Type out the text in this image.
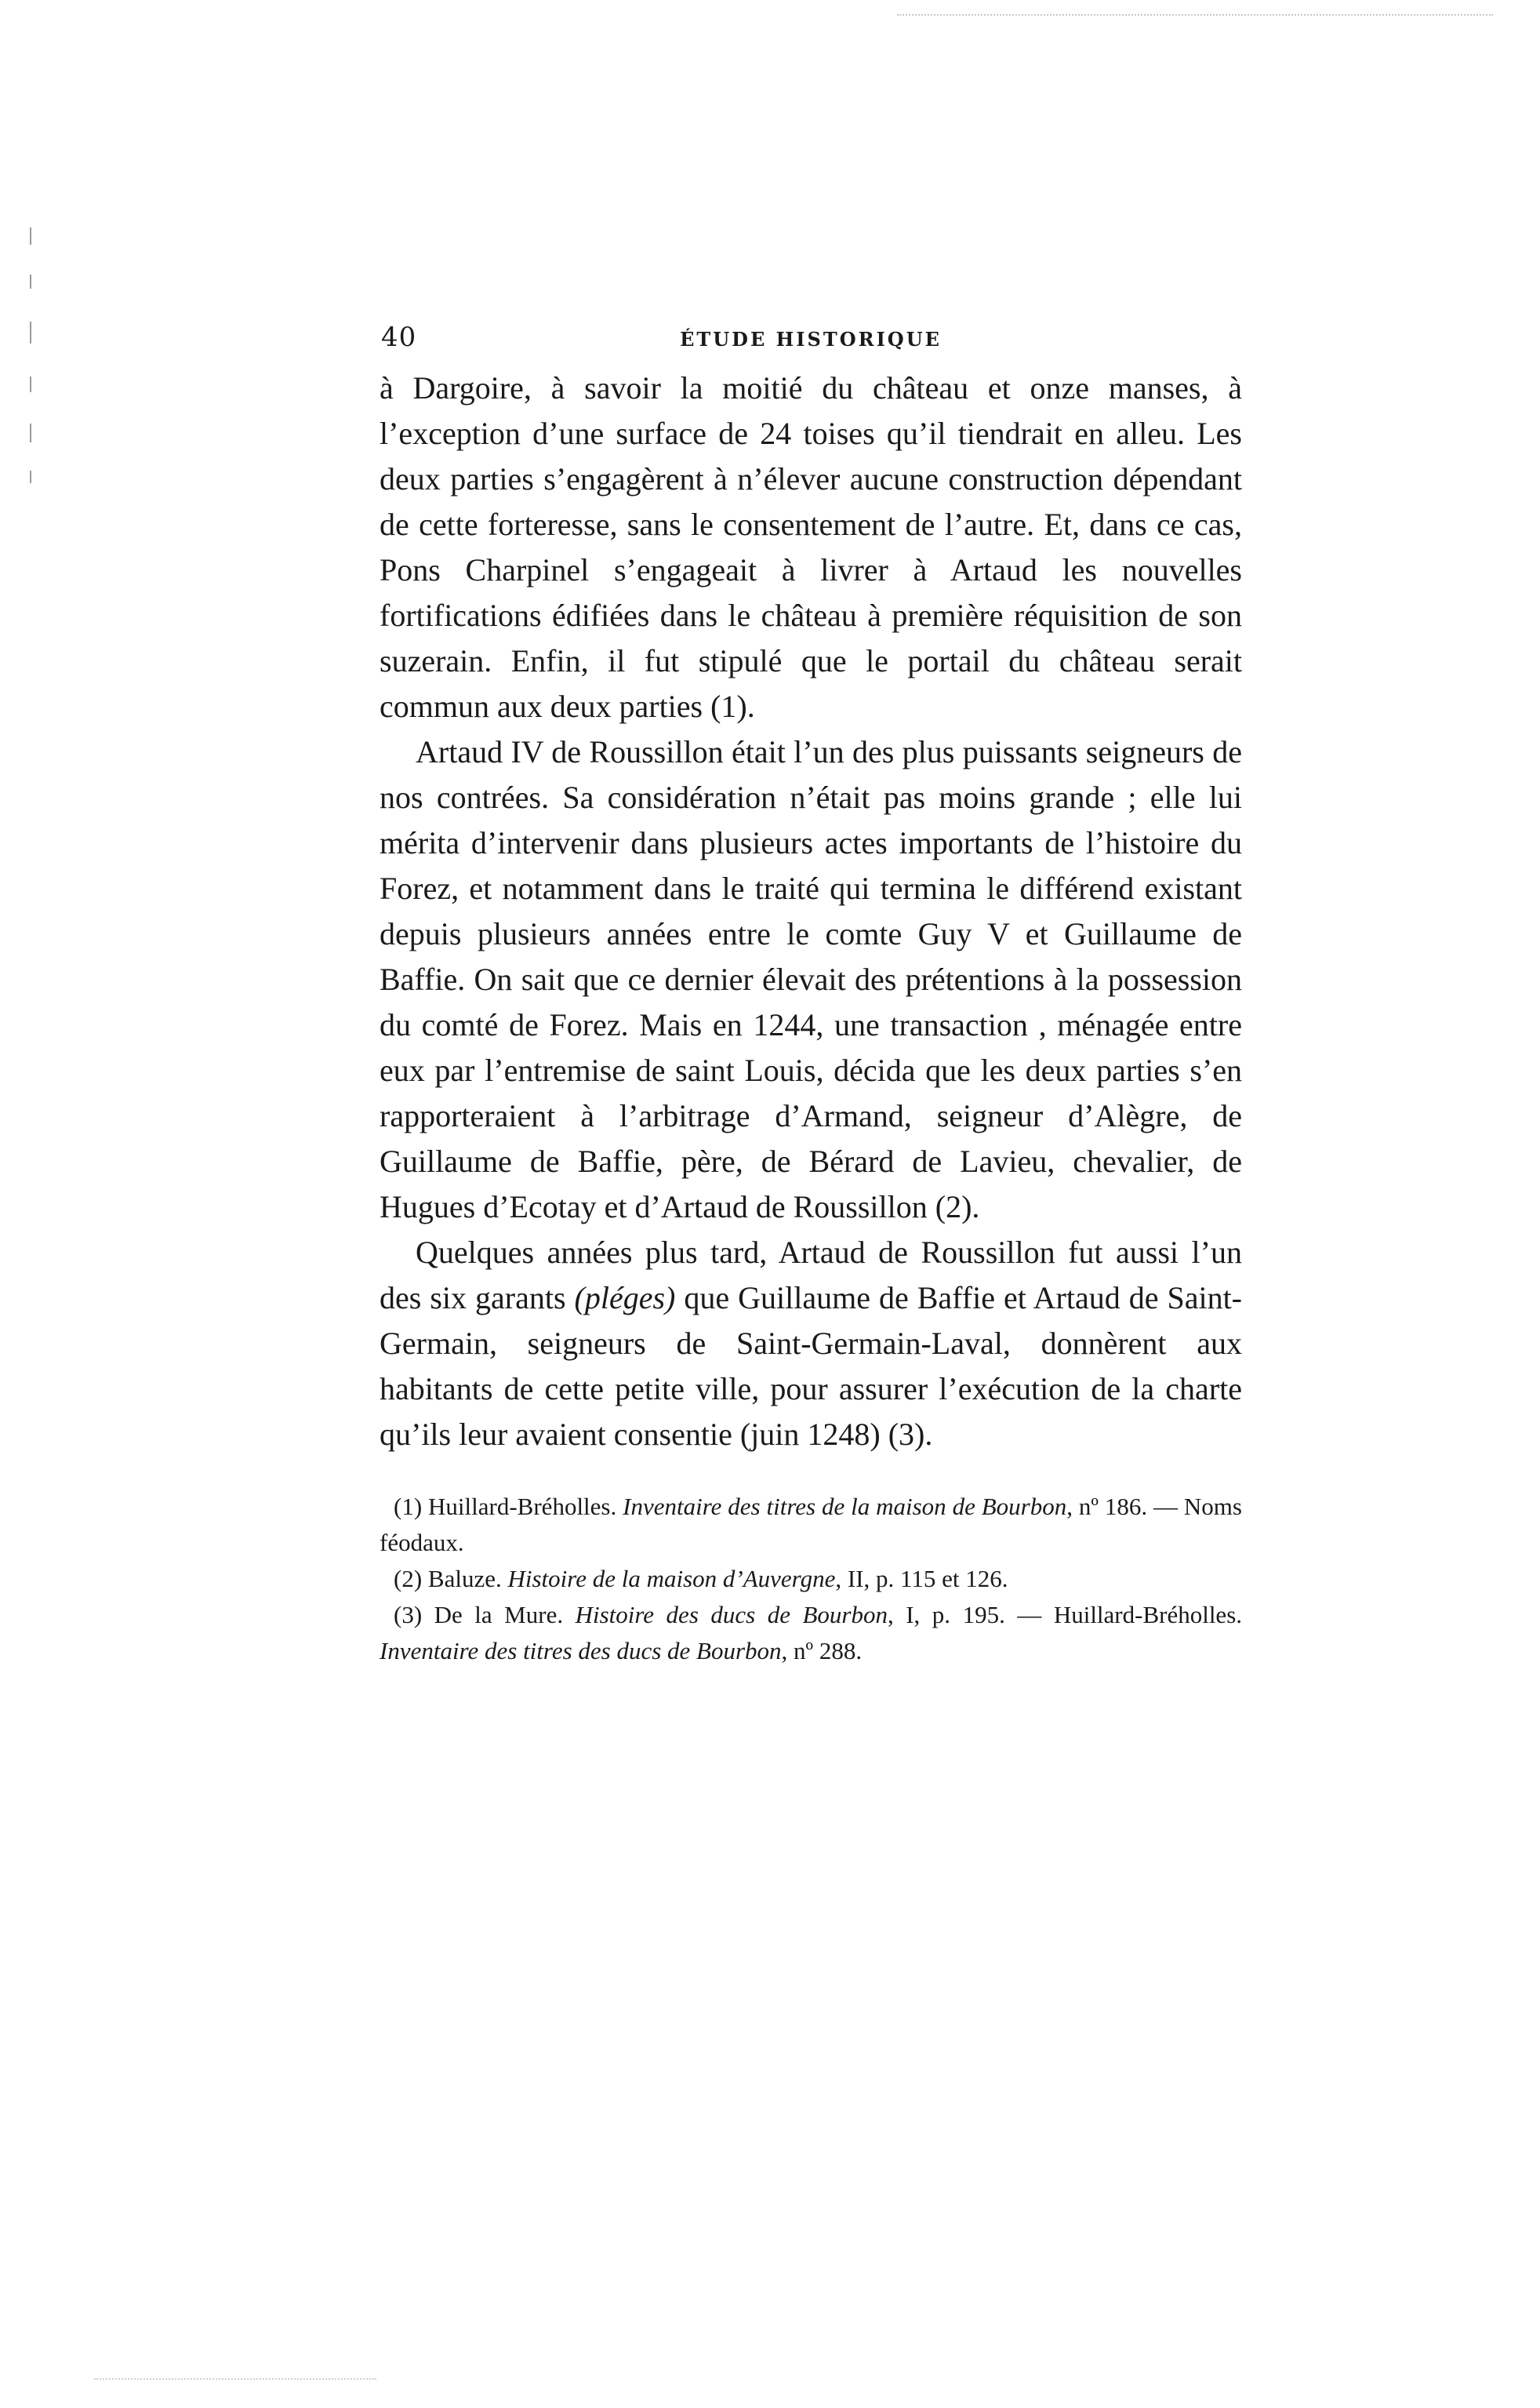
40	ÉTUDE HISTORIQUE

à Dargoire, à savoir la moitié du château et onze manses, à l’exception d’une surface de 24 toises qu’il tiendrait en alleu. Les deux parties s’engagèrent à n’élever aucune construction dépendant de cette forteresse, sans le consentement de l’autre. Et, dans ce cas, Pons Charpinel s’engageait à livrer à Artaud les nouvelles fortifications édifiées dans le château à première réquisition de son suzerain. Enfin, il fut stipulé que le portail du château serait commun aux deux parties (1).

Artaud IV de Roussillon était l’un des plus puissants seigneurs de nos contrées. Sa considération n’était pas moins grande ; elle lui mérita d’intervenir dans plusieurs actes importants de l’histoire du Forez, et notamment dans le traité qui termina le différend existant depuis plusieurs années entre le comte Guy V et Guillaume de Baffie. On sait que ce dernier élevait des prétentions à la possession du comté de Forez. Mais en 1244, une transaction , ménagée entre eux par l’entremise de saint Louis, décida que les deux parties s’en rapporteraient à l’arbitrage d’Armand, seigneur d’Alègre, de Guillaume de Baffie, père, de Bérard de Lavieu, chevalier, de Hugues d’Ecotay et d’Artaud de Roussillon (2).

Quelques années plus tard, Artaud de Roussillon fut aussi l’un des six garants (pléges) que Guillaume de Baffie et Artaud de Saint-Germain, seigneurs de Saint-Germain-Laval, donnèrent aux habitants de cette petite ville, pour assurer l’exécution de la charte qu’ils leur avaient consentie (juin 1248) (3).

(1) Huillard-Bréholles. Inventaire des titres de la maison de Bourbon, nº 186. — Noms féodaux.

(2) Baluze. Histoire de la maison d’Auvergne, II, p. 115 et 126.

(3) De la Mure. Histoire des ducs de Bourbon, I, p. 195. — Huillard-Bréholles. Inventaire des titres des ducs de Bourbon, nº 288.
